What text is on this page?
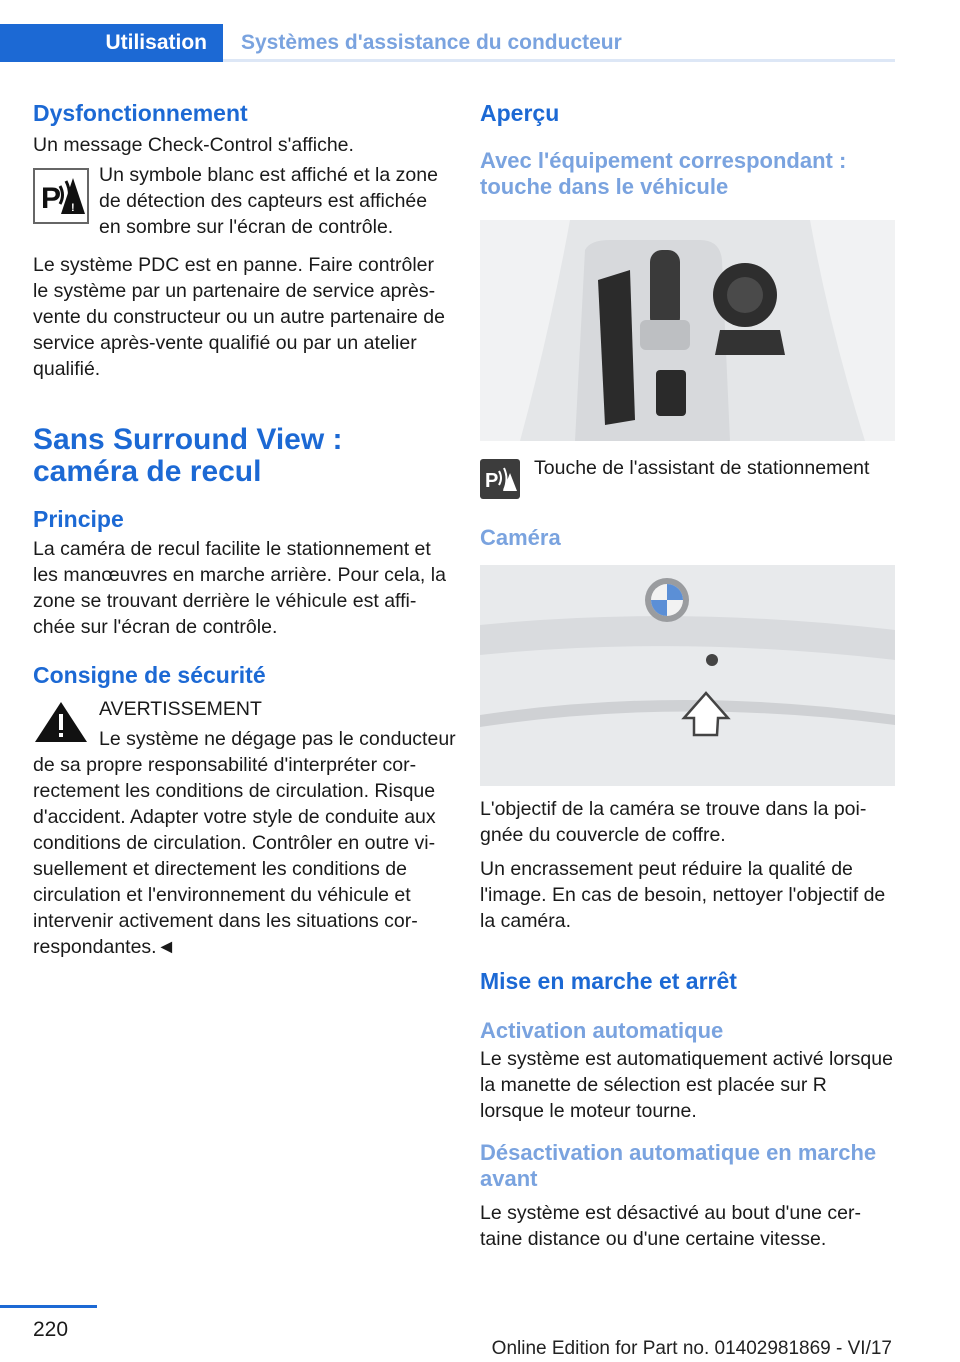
Utilisation	Systèmes d'assistance du conducteur
Dysfonctionnement

Un message Check-Control s'affiche.

P !

Un symbole blanc est affiché et la zone de détection des capteurs est affichée en sombre sur l'écran de contrôle.

Le système PDC est en panne. Faire contrôler le système par un partenaire de service après-vente du constructeur ou un autre partenaire de service après-vente qualifié ou par un atelier qualifié.

Sans Surround View :
caméra de recul
Principe

La caméra de recul facilite le stationnement et les manœuvres en marche arrière. Pour cela, la zone se trouvant derrière le véhicule est affichée sur l'écran de contrôle.

Consigne de sécurité

AVERTISSEMENT

Le système ne dégage pas le conducteur

de sa propre responsabilité d'interpréter correctement les conditions de circulation. Risque d'accident. Adapter votre style de conduite aux conditions de circulation. Contrôler en outre visuellement et directement les conditions de circulation et l'environnement du véhicule et intervenir activement dans les situations correspondantes.◄

Aperçu
Avec l'équipement correspondant : touche dans le véhicule
P

Touche de l'assistant de stationnement

Caméra

L'objectif de la caméra se trouve dans la poignée du couvercle de coffre.

Un encrassement peut réduire la qualité de l'image. En cas de besoin, nettoyer l'objectif de la caméra.

Mise en marche et arrêt
Activation automatique

Le système est automatiquement activé lorsque la manette de sélection est placée sur R lorsque le moteur tourne.

Désactivation automatique en marche avant

Le système est désactivé au bout d'une certaine distance ou d'une certaine vitesse.

220
Online Edition for Part no. 01402981869 - VI/17
